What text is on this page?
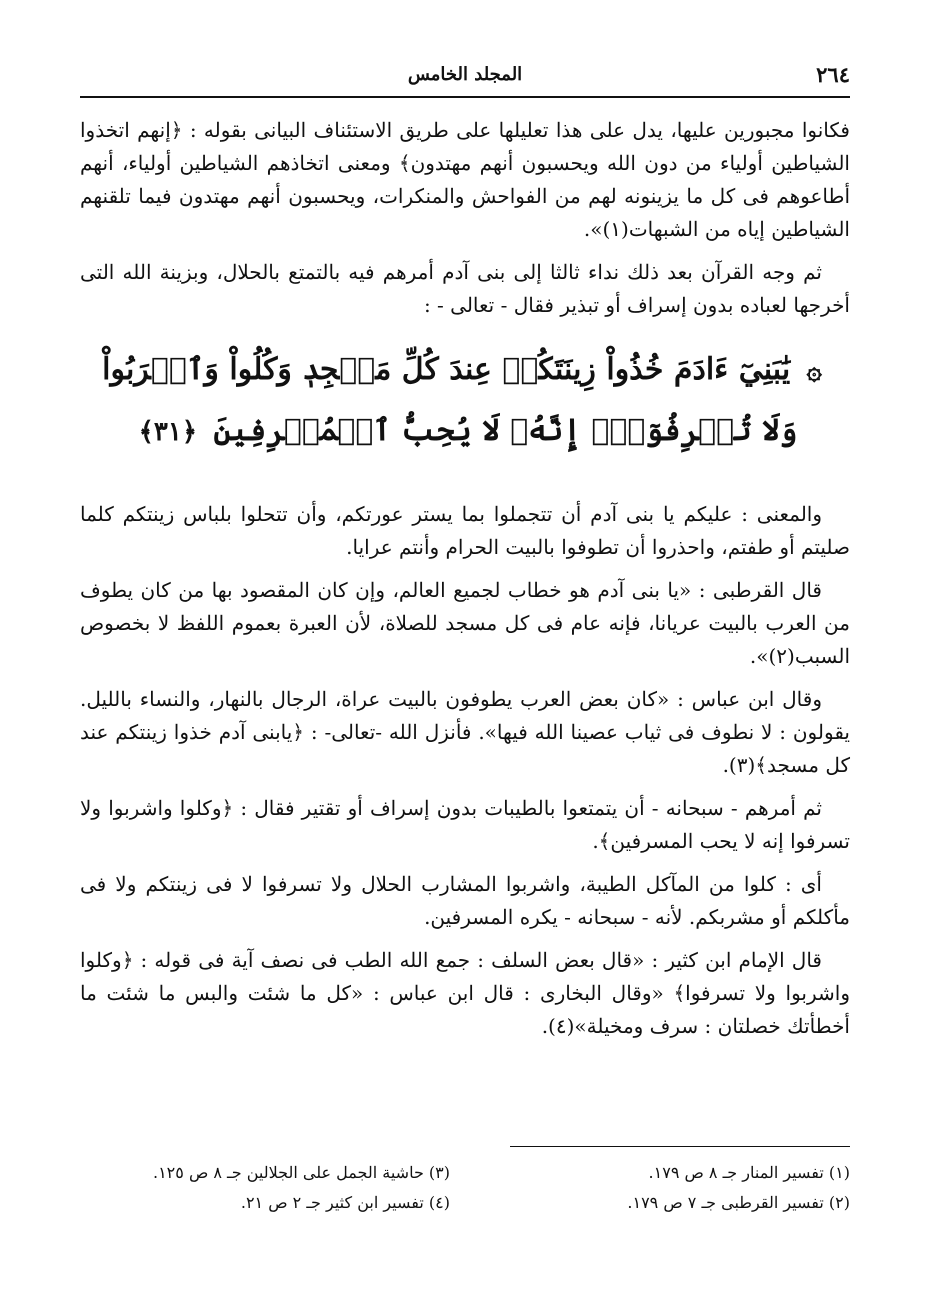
٢٦٤
المجلد الخامس

فكانوا مجبورين عليها، يدل على هذا تعليلها على طريق الاستئناف البيانى بقوله : ﴿إنهم اتخذوا الشياطين أولياء من دون الله ويحسبون أنهم مهتدون﴾ ومعنى اتخاذهم الشياطين أولياء، أنهم أطاعوهم فى كل ما يزينونه لهم من الفواحش والمنكرات، ويحسبون أنهم مهتدون فيما تلقنهم الشياطين إياه من الشبهات(١)».

ثم وجه القرآن بعد ذلك نداء ثالثا إلى بنى آدم أمرهم فيه بالتمتع بالحلال، وبزينة الله التى أخرجها لعباده بدون إسراف أو تبذير فقال - تعالى - :

۞ يَٰبَنِيٓ ءَادَمَ خُذُواْ زِينَتَكُمۡ عِندَ كُلِّ مَسۡجِدٖ وَكُلُواْ وَٱشۡرَبُواْ
وَلَا تُسۡرِفُوٓاْۚ إِنَّهُۥ لَا يُحِبُّ ٱلۡمُسۡرِفِينَ ﴿٣١﴾

والمعنى : عليكم يا بنى آدم أن تتجملوا بما يستر عورتكم، وأن تتحلوا بلباس زينتكم كلما صليتم أو طفتم، واحذروا أن تطوفوا بالبيت الحرام وأنتم عرايا.

قال القرطبى : «يا بنى آدم هو خطاب لجميع العالم، وإن كان المقصود بها من كان يطوف من العرب بالبيت عريانا، فإنه عام فى كل مسجد للصلاة، لأن العبرة بعموم اللفظ لا بخصوص السبب(٢)».

وقال ابن عباس : «كان بعض العرب يطوفون بالبيت عراة، الرجال بالنهار، والنساء بالليل. يقولون : لا نطوف فى ثياب عصينا الله فيها». فأنزل الله -تعالى- : ﴿يابنى آدم خذوا زينتكم عند كل مسجد﴾(٣).

ثم أمرهم - سبحانه - أن يتمتعوا بالطيبات بدون إسراف أو تقتير فقال : ﴿وكلوا واشربوا ولا تسرفوا إنه لا يحب المسرفين﴾.

أى : كلوا من المآكل الطيبة، واشربوا المشارب الحلال ولا تسرفوا لا فى زينتكم ولا فى مأكلكم أو مشربكم. لأنه - سبحانه - يكره المسرفين.

قال الإمام ابن كثير : «قال بعض السلف : جمع الله الطب فى نصف آية فى قوله : ﴿وكلوا واشربوا ولا تسرفوا﴾ «وقال البخارى : قال ابن عباس : «كل ما شئت والبس ما شئت ما أخطأتك خصلتان : سرف ومخيلة»(٤).

(١) تفسير المنار جـ ٨ ص ١٧٩.
(٢) تفسير القرطبى جـ ٧ ص ١٧٩.
(٣) حاشية الجمل على الجلالين جـ ٨ ص ١٢٥.
(٤) تفسير ابن كثير جـ ٢ ص ٢١.
